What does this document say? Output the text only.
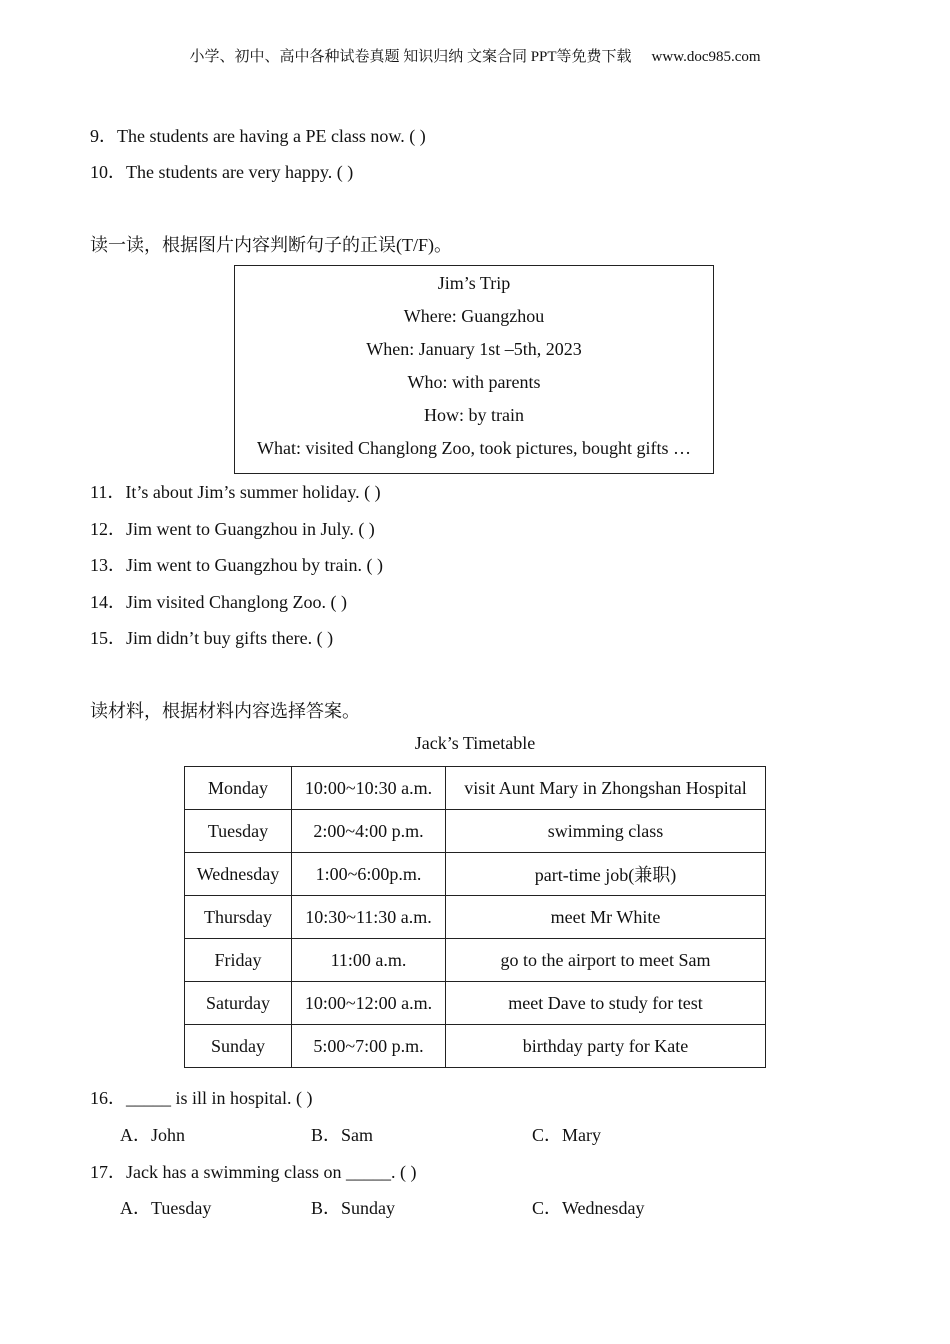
小学、初中、高中各种试卷真题 知识归纳 文案合同 PPT等免费下载 www.doc985.com
9．The students are having a PE class now. ( )
10．The students are very happy. ( )
读一读，根据图片内容判断句子的正误(T/F)。
Jim’s Trip
Where: Guangzhou
When: January 1st –5th, 2023
Who: with parents
How: by train
What: visited Changlong Zoo, took pictures, bought gifts …
11．It’s about Jim’s summer holiday. ( )
12．Jim went to Guangzhou in July. ( )
13．Jim went to Guangzhou by train. ( )
14．Jim visited Changlong Zoo. ( )
15．Jim didn’t buy gifts there. ( )
读材料，根据材料内容选择答案。
Jack’s Timetable
Monday	10:00~10:30 a.m.	visit Aunt Mary in Zhongshan Hospital
Tuesday	2:00~4:00 p.m.	swimming class
Wednesday	1:00~6:00p.m.	part-time job(兼职)
Thursday	10:30~11:30 a.m.	meet Mr White
Friday	11:00 a.m.	go to the airport to meet Sam
Saturday	10:00~12:00 a.m.	meet Dave to study for test
Sunday	5:00~7:00 p.m.	birthday party for Kate
16．_____ is ill in hospital. ( )
A．John	B．Sam	C．Mary
17．Jack has a swimming class on _____. ( )
A．Tuesday	B．Sunday	C．Wednesday
